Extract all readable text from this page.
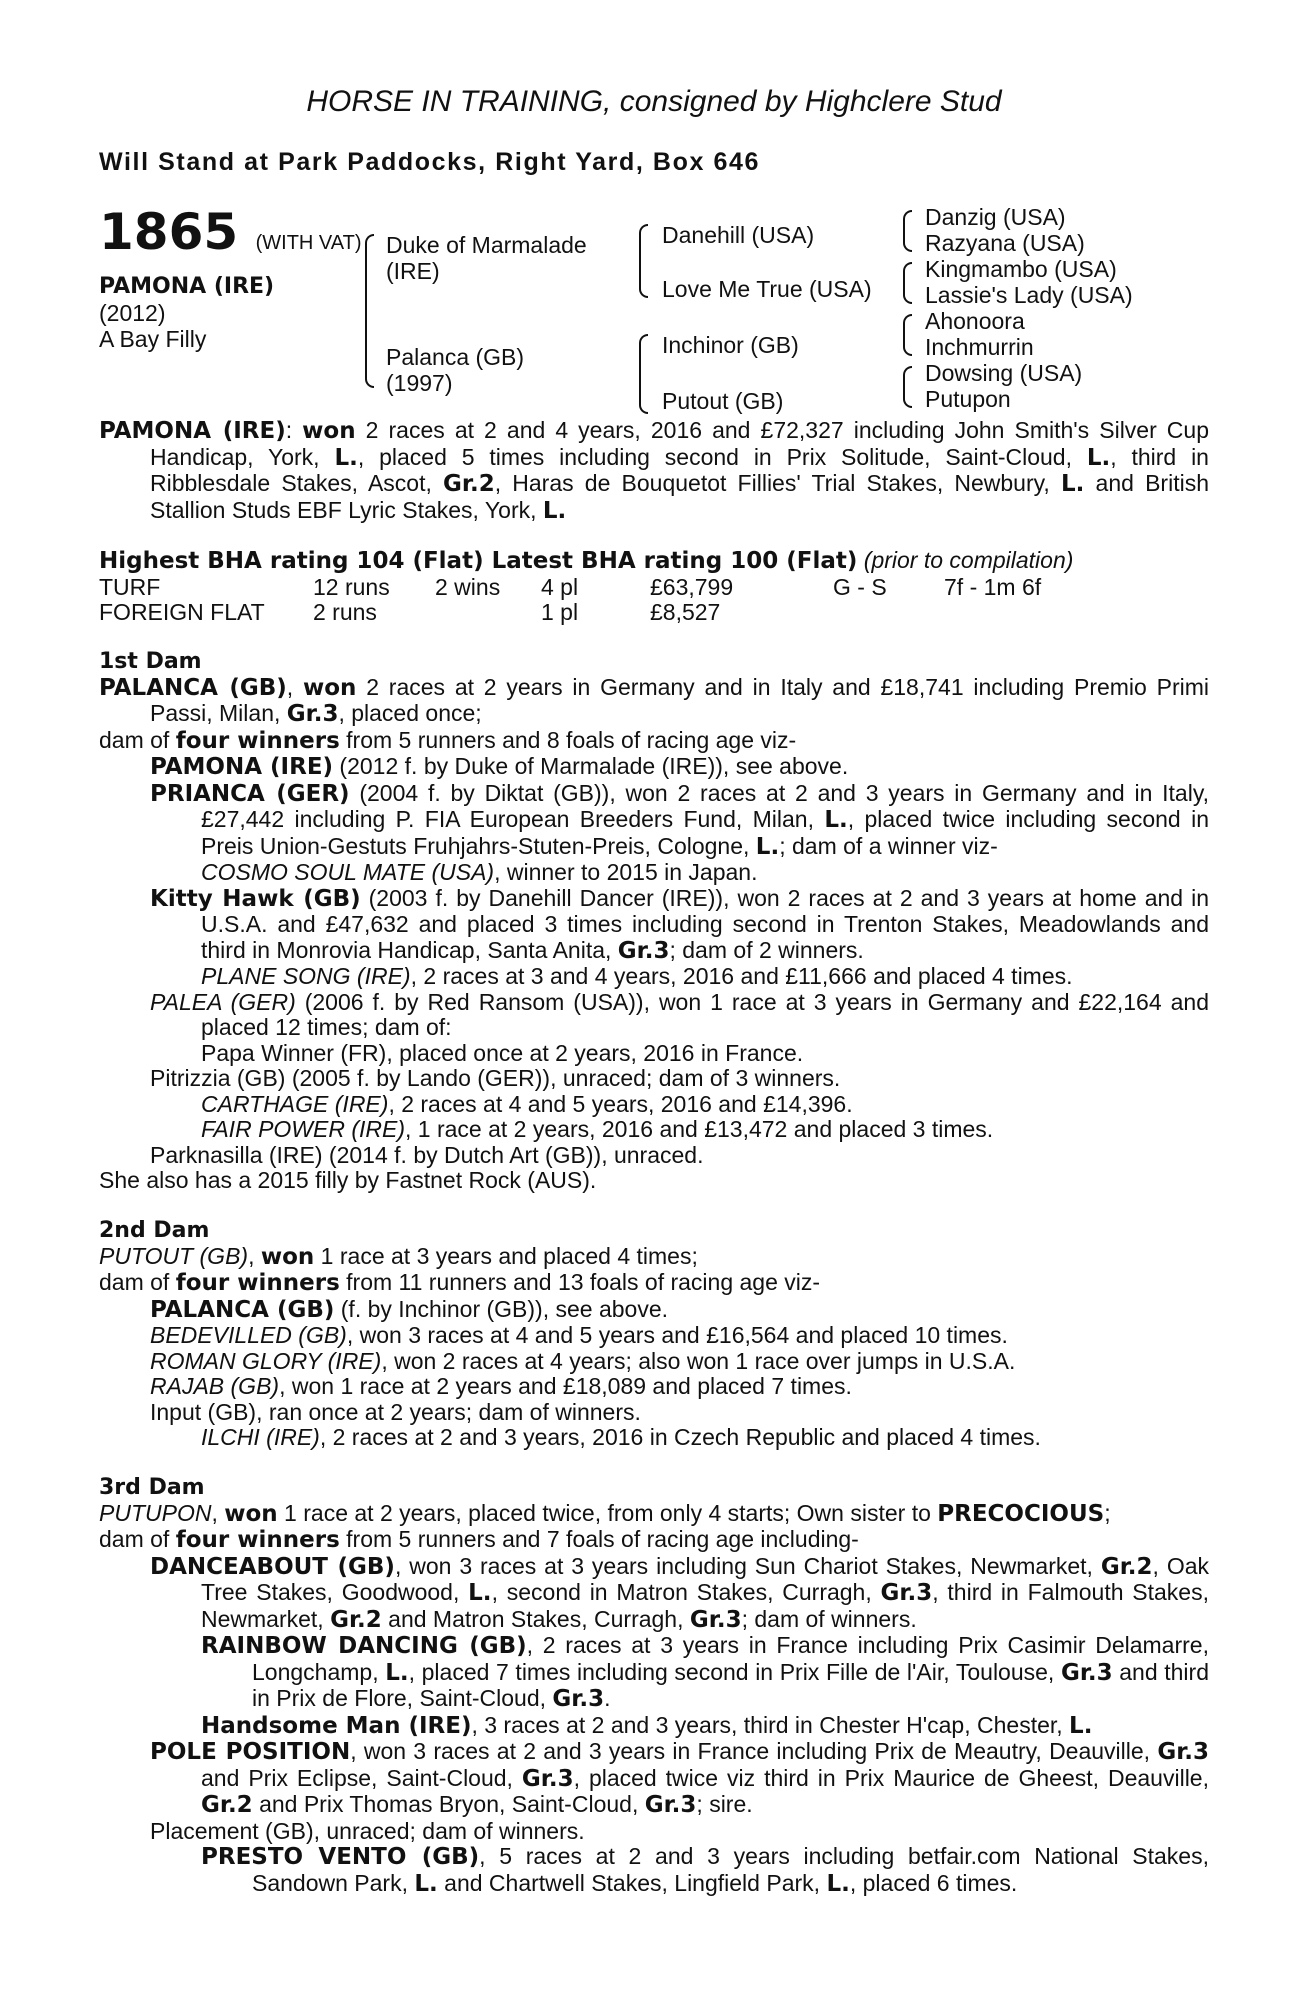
HORSE IN TRAINING, consigned by Highclere Stud

Will Stand at Park Paddocks, Right Yard, Box 646

1865 (WITH VAT)
PAMONA (IRE)
(2012)
A Bay Filly
Duke of Marmalade
(IRE)
Palanca (GB)
(1997)
Danehill (USA)
Love Me True (USA)
Inchinor (GB)
Putout (GB)
Danzig (USA)
Razyana (USA)
Kingmambo (USA)
Lassie's Lady (USA)
Ahonoora
Inchmurrin
Dowsing (USA)
Putupon

PAMONA (IRE): won 2 races at 2 and 4 years, 2016 and £72,327 including John Smith's Silver Cup Handicap, York, L., placed 5 times including second in Prix Solitude, Saint-Cloud, L., third in Ribblesdale Stakes, Ascot, Gr.2, Haras de Bouquetot Fillies' Trial Stakes, Newbury, L. and British Stallion Studs EBF Lyric Stakes, York, L.

Highest BHA rating 104 (Flat) Latest BHA rating 100 (Flat) (prior to compilation)

TURF	12 runs 2 wins 4 pl	£63,799	G - S 7f - 1m 6f
FOREIGN FLAT 2 runs	1 pl	£8,527

1st Dam

PALANCA (GB), won 2 races at 2 years in Germany and in Italy and £18,741 including Premio Primi Passi, Milan, Gr.3, placed once;

dam of four winners from 5 runners and 8 foals of racing age viz-

PAMONA (IRE) (2012 f. by Duke of Marmalade (IRE)), see above.

PRIANCA (GER) (2004 f. by Diktat (GB)), won 2 races at 2 and 3 years in Germany and in Italy, £27,442 including P. FIA European Breeders Fund, Milan, L., placed twice including second in Preis Union-Gestuts Fruhjahrs-Stuten-Preis, Cologne, L.; dam of a winner viz-

COSMO SOUL MATE (USA), winner to 2015 in Japan.

Kitty Hawk (GB) (2003 f. by Danehill Dancer (IRE)), won 2 races at 2 and 3 years at home and in U.S.A. and £47,632 and placed 3 times including second in Trenton Stakes, Meadowlands and third in Monrovia Handicap, Santa Anita, Gr.3; dam of 2 winners.

PLANE SONG (IRE), 2 races at 3 and 4 years, 2016 and £11,666 and placed 4 times.

PALEA (GER) (2006 f. by Red Ransom (USA)), won 1 race at 3 years in Germany and £22,164 and placed 12 times; dam of:

Papa Winner (FR), placed once at 2 years, 2016 in France.

Pitrizzia (GB) (2005 f. by Lando (GER)), unraced; dam of 3 winners.

CARTHAGE (IRE), 2 races at 4 and 5 years, 2016 and £14,396.

FAIR POWER (IRE), 1 race at 2 years, 2016 and £13,472 and placed 3 times.

Parknasilla (IRE) (2014 f. by Dutch Art (GB)), unraced.

She also has a 2015 filly by Fastnet Rock (AUS).

2nd Dam

PUTOUT (GB), won 1 race at 3 years and placed 4 times;

dam of four winners from 11 runners and 13 foals of racing age viz-

PALANCA (GB) (f. by Inchinor (GB)), see above.

BEDEVILLED (GB), won 3 races at 4 and 5 years and £16,564 and placed 10 times.

ROMAN GLORY (IRE), won 2 races at 4 years; also won 1 race over jumps in U.S.A.

RAJAB (GB), won 1 race at 2 years and £18,089 and placed 7 times.

Input (GB), ran once at 2 years; dam of winners.

ILCHI (IRE), 2 races at 2 and 3 years, 2016 in Czech Republic and placed 4 times.

3rd Dam

PUTUPON, won 1 race at 2 years, placed twice, from only 4 starts; Own sister to PRECOCIOUS;

dam of four winners from 5 runners and 7 foals of racing age including-

DANCEABOUT (GB), won 3 races at 3 years including Sun Chariot Stakes, Newmarket, Gr.2, Oak Tree Stakes, Goodwood, L., second in Matron Stakes, Curragh, Gr.3, third in Falmouth Stakes, Newmarket, Gr.2 and Matron Stakes, Curragh, Gr.3; dam of winners.

RAINBOW DANCING (GB), 2 races at 3 years in France including Prix Casimir Delamarre, Longchamp, L., placed 7 times including second in Prix Fille de l'Air, Toulouse, Gr.3 and third in Prix de Flore, Saint-Cloud, Gr.3.

Handsome Man (IRE), 3 races at 2 and 3 years, third in Chester H'cap, Chester, L.

POLE POSITION, won 3 races at 2 and 3 years in France including Prix de Meautry, Deauville, Gr.3 and Prix Eclipse, Saint-Cloud, Gr.3, placed twice viz third in Prix Maurice de Gheest, Deauville, Gr.2 and Prix Thomas Bryon, Saint-Cloud, Gr.3; sire.

Placement (GB), unraced; dam of winners.

PRESTO VENTO (GB), 5 races at 2 and 3 years including betfair.com National Stakes, Sandown Park, L. and Chartwell Stakes, Lingfield Park, L., placed 6 times.
